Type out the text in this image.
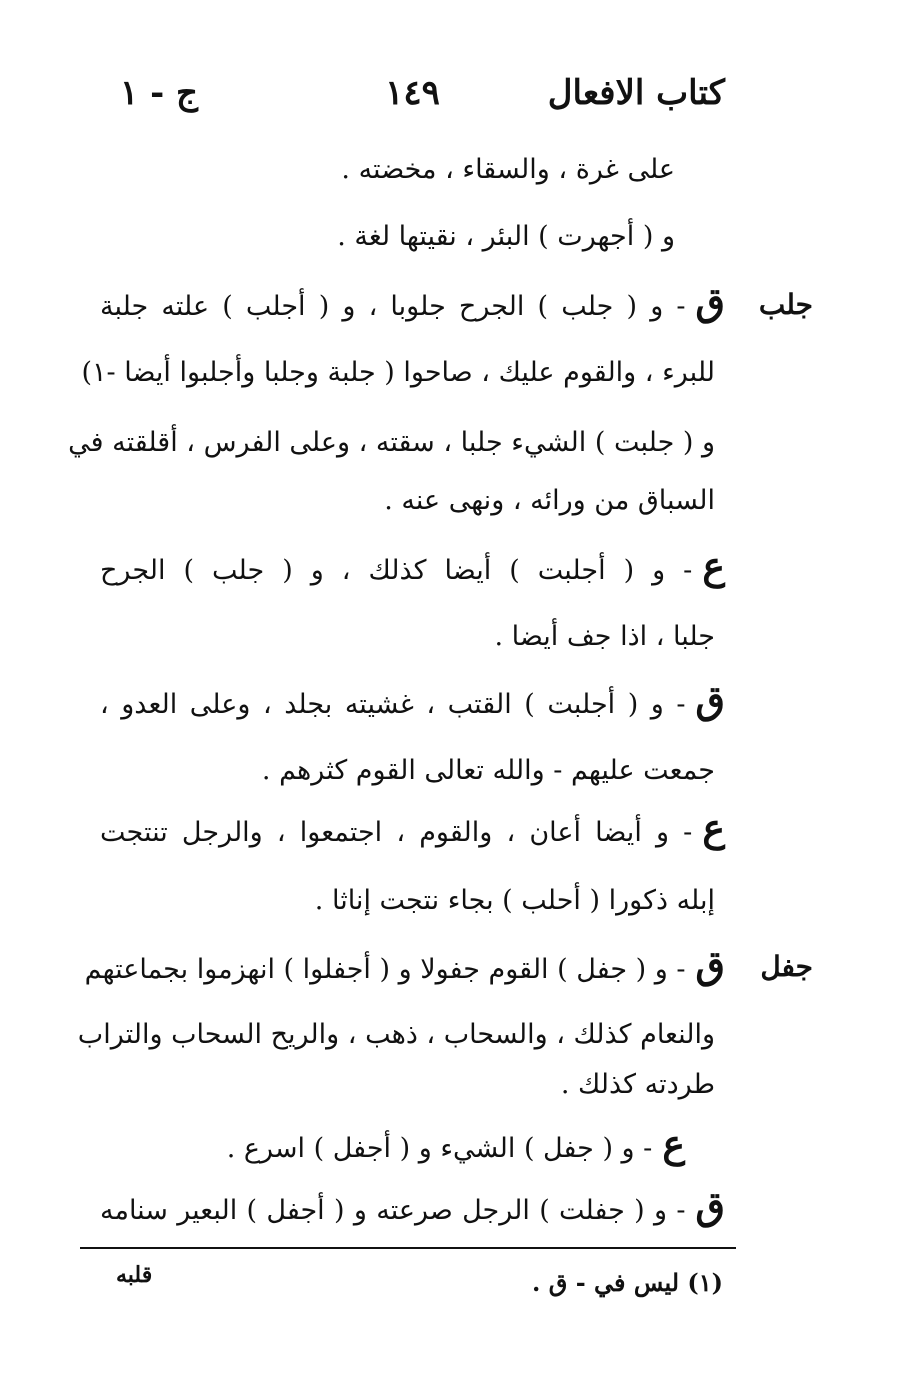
كتاب الافعال
١٤٩
ج - ١
جلب
جفل
على غرة ، والسقاء ، مخضته .
و ( أجهرت ) البئر ، نقيتها لغة .
ق- و ( جلب ) الجرح جلوبا ، و ( أجلب ) علته جلبة
للبرء ، والقوم عليك ، صاحوا ( جلبة وجلبا وأجلبوا أيضا -١)
و ( جلبت ) الشيء جلبا ، سقته ، وعلى الفرس ، أقلقته في
السباق من ورائه ، ونهى عنه .
ع- و ( أجلبت ) أيضا كذلك ، و ( جلب ) الجرح
جلبا ، اذا جف أيضا .
ق- و ( أجلبت ) القتب ، غشيته بجلد ، وعلى العدو ،
جمعت عليهم - والله تعالى القوم كثرهم .
ع- و أيضا أعان ، والقوم ، اجتمعوا ، والرجل تنتجت
إبله ذكورا ( أحلب ) بجاء نتجت إناثا .
ق- و ( جفل ) القوم جفولا و ( أجفلوا ) انهزموا بجماعتهم
والنعام كذلك ، والسحاب ، ذهب ، والريح السحاب والتراب
طردته كذلك .
ع- و ( جفل ) الشيء و ( أجفل ) اسرع .
ق- و ( جفلت ) الرجل صرعته و ( أجفل ) البعير سنامه
(١) ليس في - ق .
قلبه
